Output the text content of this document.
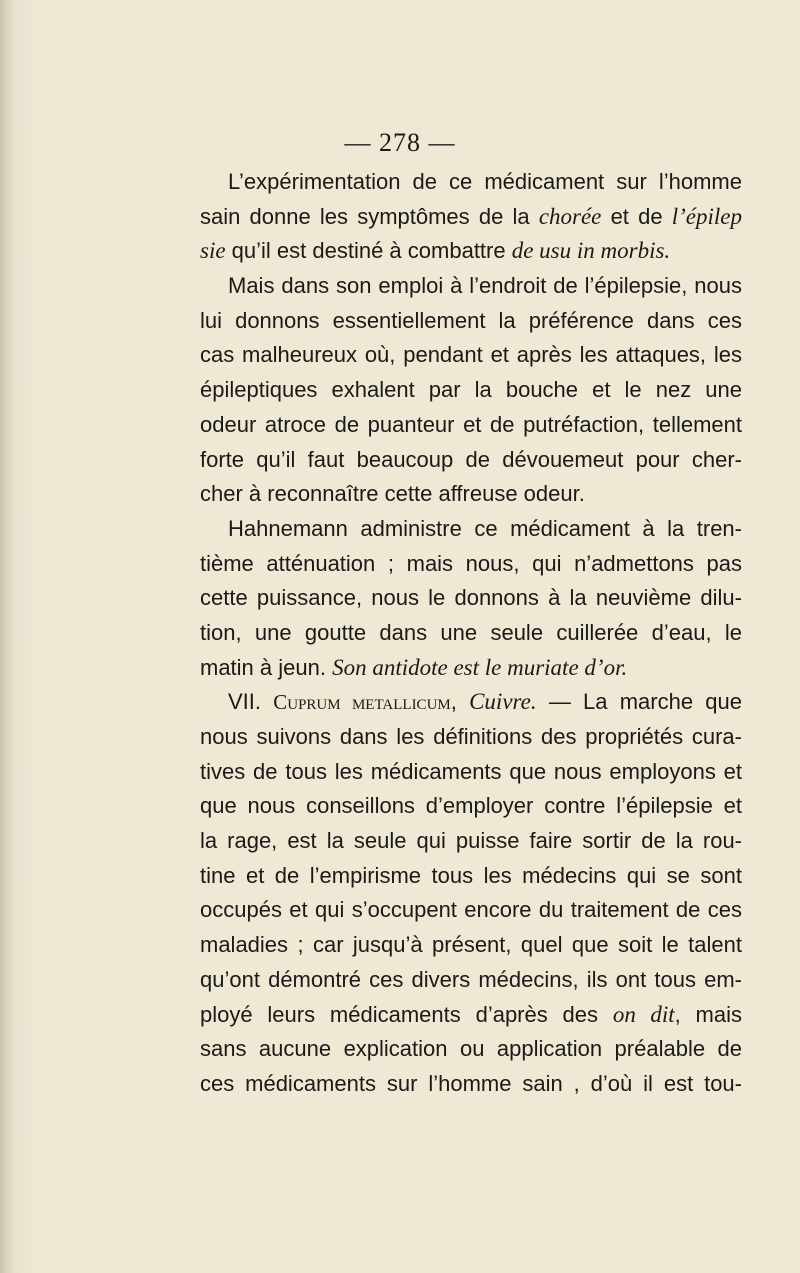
— 278 —
L’expérimentation de ce médicament sur l’homme
sain donne les symptômes de la chorée et de l’épilep
sie qu’il est destiné à combattre de usu in morbis.
Mais dans son emploi à l’endroit de l’épilepsie, nous
lui donnons essentiellement la préférence dans ces
cas malheureux où, pendant et après les attaques, les
épileptiques exhalent par la bouche et le nez une
odeur atroce de puanteur et de putréfaction, tellement
forte qu’il faut beaucoup de dévouemeut pour cher-
cher à reconnaître cette affreuse odeur.
Hahnemann administre ce médicament à la tren-
tième atténuation ; mais nous, qui n’admettons pas
cette puissance, nous le donnons à la neuvième dilu-
tion, une goutte dans une seule cuillerée d’eau, le
matin à jeun. Son antidote est le muriate d’or.
VII. Cuprum metallicum, Cuivre. — La marche que
nous suivons dans les définitions des propriétés cura-
tives de tous les médicaments que nous employons et
que nous conseillons d’employer contre l’épilepsie et
la rage, est la seule qui puisse faire sortir de la rou-
tine et de l’empirisme tous les médecins qui se sont
occupés et qui s’occupent encore du traitement de ces
maladies ; car jusqu’à présent, quel que soit le talent
qu’ont démontré ces divers médecins, ils ont tous em-
ployé leurs médicaments d’après des on dit, mais
sans aucune explication ou application préalable de
ces médicaments sur l’homme sain , d’où il est tou-
